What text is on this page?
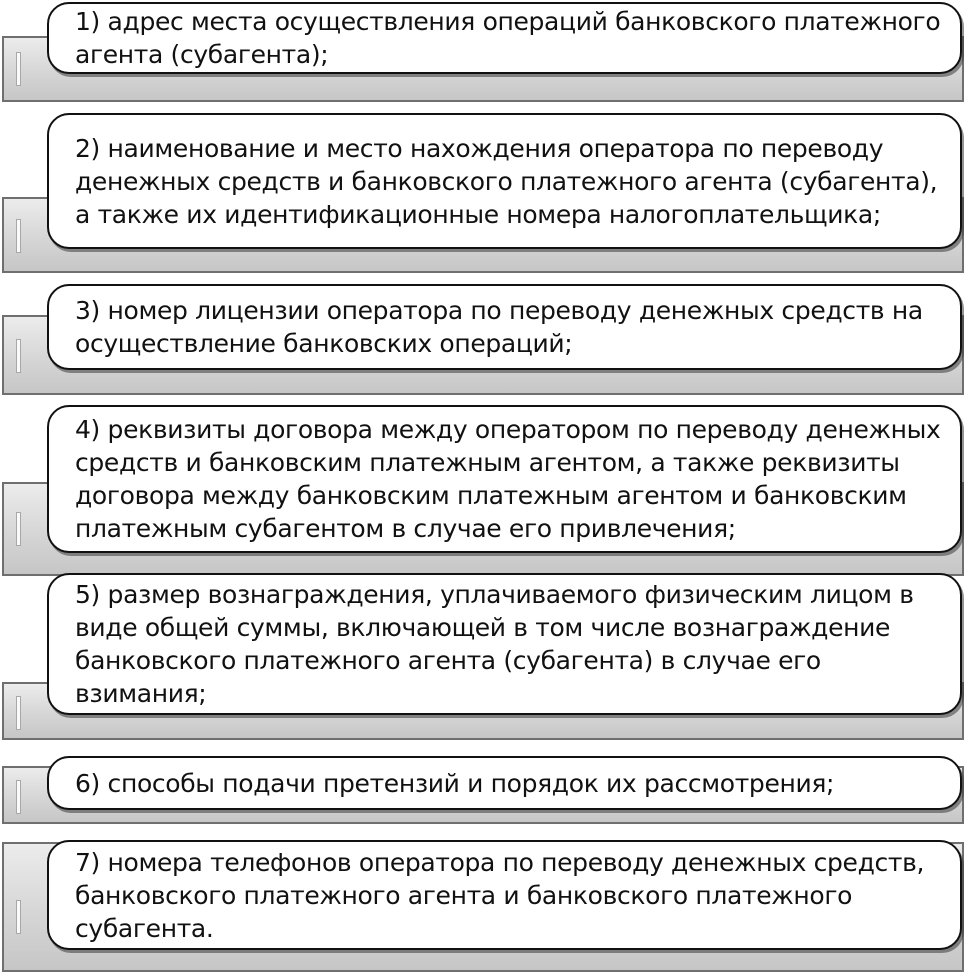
1) адрес места осуществления операций банковского платежного агента (субагента);
2) наименование и место нахождения оператора по переводу денежных средств и банковского платежного агента (субагента), а также их идентификационные номера налогоплательщика;
3) номер лицензии оператора по переводу денежных средств на осуществление банковских операций;
4) реквизиты договора между оператором по переводу денежных средств и банковским платежным агентом, а также реквизиты договора между банковским платежным агентом и банковским платежным субагентом в случае его привлечения;
5) размер вознаграждения, уплачиваемого физическим лицом в виде общей суммы, включающей в том числе вознаграждение банковского платежного агента (субагента) в случае его взимания;
6) способы подачи претензий и порядок их рассмотрения;
7) номера телефонов оператора по переводу денежных средств, банковского платежного агента и банковского платежного субагента.
